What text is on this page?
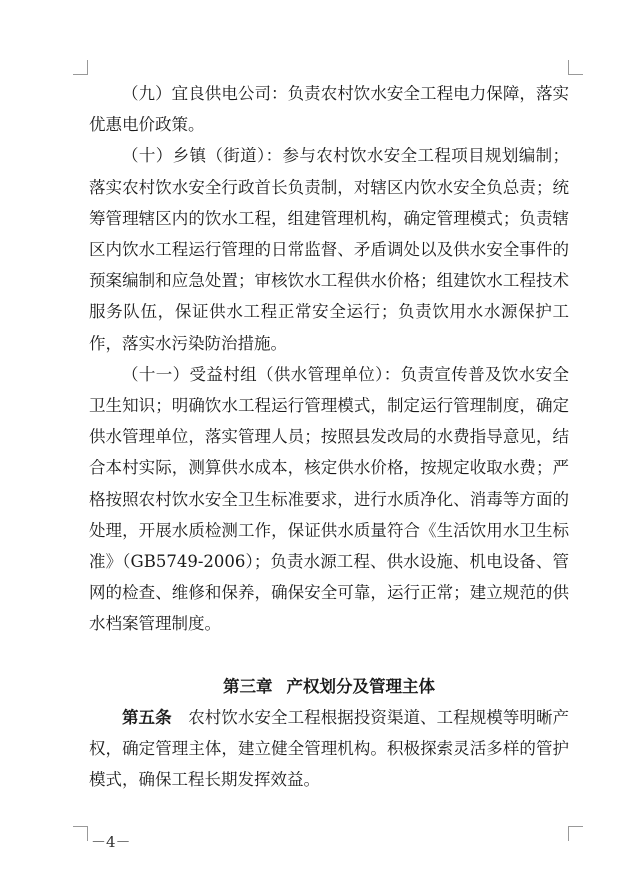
（九）宜良供电公司：负责农村饮水安全工程电力保障，落实优惠电价政策。

（十）乡镇（街道）：参与农村饮水安全工程项目规划编制；落实农村饮水安全行政首长负责制，对辖区内饮水安全负总责；统筹管理辖区内的饮水工程，组建管理机构，确定管理模式；负责辖区内饮水工程运行管理的日常监督、矛盾调处以及供水安全事件的预案编制和应急处置；审核饮水工程供水价格；组建饮水工程技术服务队伍，保证供水工程正常安全运行；负责饮用水水源保护工作，落实水污染防治措施。

（十一）受益村组（供水管理单位）：负责宣传普及饮水安全卫生知识；明确饮水工程运行管理模式，制定运行管理制度，确定供水管理单位，落实管理人员；按照县发改局的水费指导意见，结合本村实际，测算供水成本，核定供水价格，按规定收取水费；严格按照农村饮水安全卫生标准要求，进行水质净化、消毒等方面的处理，开展水质检测工作，保证供水质量符合《生活饮用水卫生标准》（GB5749-2006）；负责水源工程、供水设施、机电设备、管网的检查、维修和保养，确保安全可靠，运行正常；建立规范的供水档案管理制度。

第三章 产权划分及管理主体

第五条　 农村饮水安全工程根据投资渠道、工程规模等明晰产权，确定管理主体，建立健全管理机构。积极探索灵活多样的管护模式，确保工程长期发挥效益。

－4－
